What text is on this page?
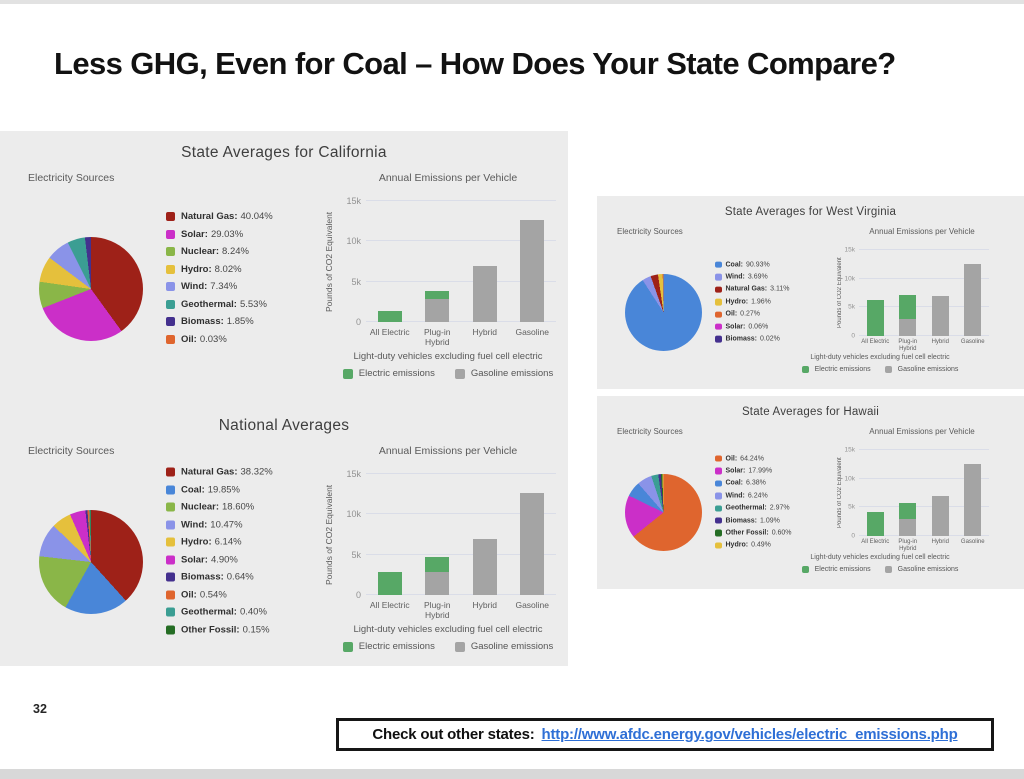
Less GHG, Even for Coal – How Does Your State Compare?
State Averages for California
Electricity Sources
Natural Gas: 40.04%
Solar: 29.03%
Nuclear: 8.24%
Hydro: 8.02%
Wind: 7.34%
Geothermal: 5.53%
Biomass: 1.85%
Oil: 0.03%
Annual Emissions per Vehicle
Pounds of CO2 Equivalent
0
5k
10k
15k
All Electric	Plug-in Hybrid
Hybrid	Gasoline
Light-duty vehicles excluding fuel cell electric
Electric emissions	Gasoline emissions
National Averages
Electricity Sources
Natural Gas: 38.32%
Coal: 19.85%
Nuclear: 18.60%
Wind: 10.47%
Hydro: 6.14%
Solar: 4.90%
Biomass: 0.64%
Oil: 0.54%
Geothermal: 0.40%
Other Fossil: 0.15%
Annual Emissions per Vehicle
Pounds of CO2 Equivalent
0
5k
10k
15k
All Electric	Plug-in Hybrid
Hybrid	Gasoline
Light-duty vehicles excluding fuel cell electric
Electric emissions	Gasoline emissions
State Averages for West Virginia
Electricity Sources
Coal: 90.93%
Wind: 3.69%
Natural Gas: 3.11%
Hydro: 1.96%
Oil: 0.27%
Solar: 0.06%
Biomass: 0.02%
Annual Emissions per Vehicle
Pounds of CO2 Equivalent
0
5k
10k
15k
All Electric	Plug-in Hybrid
Hybrid	Gasoline
Light-duty vehicles excluding fuel cell electric
Electric emissions	Gasoline emissions
State Averages for Hawaii
Electricity Sources
Oil: 64.24%
Solar: 17.99%
Coal: 6.38%
Wind: 6.24%
Geothermal: 2.97%
Biomass: 1.09%
Other Fossil: 0.60%
Hydro: 0.49%
Annual Emissions per Vehicle
Pounds of CO2 Equivalent
0
5k
10k
15k
All Electric	Plug-in Hybrid
Hybrid	Gasoline
Light-duty vehicles excluding fuel cell electric
Electric emissions	Gasoline emissions
32
Check out other states: http://www.afdc.energy.gov/vehicles/electric_emissions.php
